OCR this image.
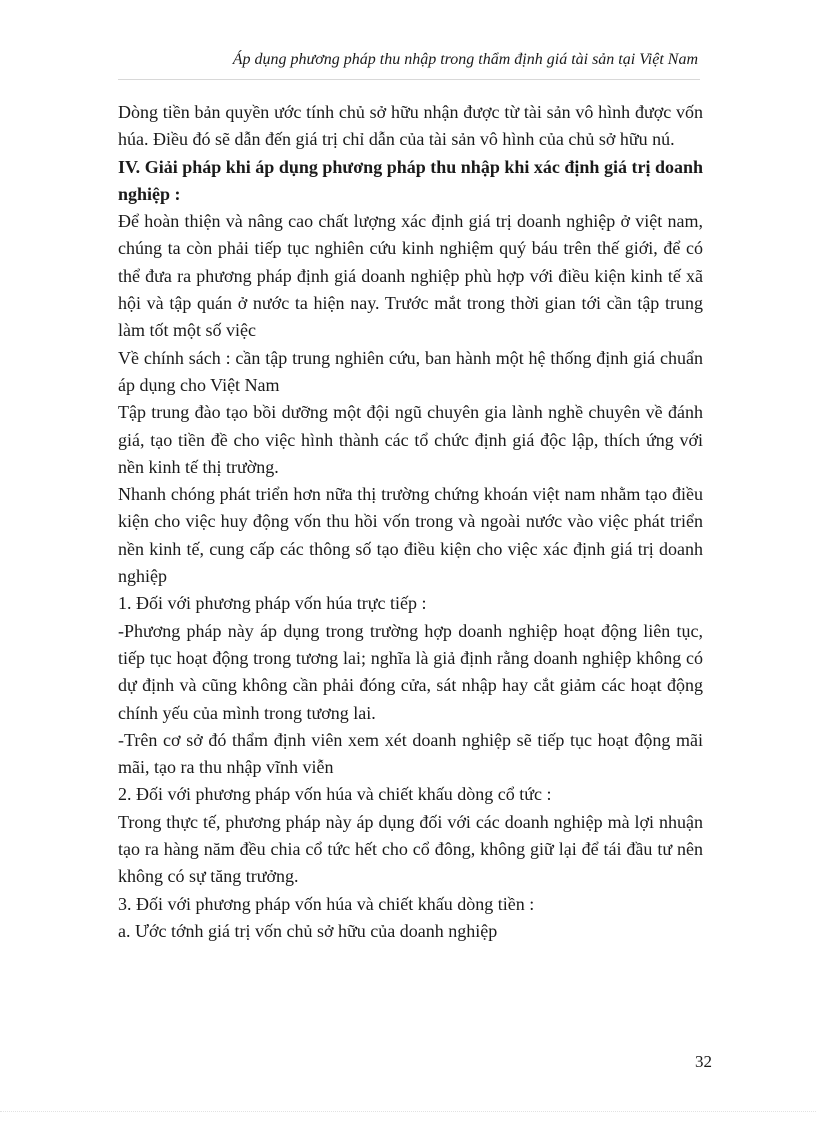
Áp dụng phương pháp thu nhập trong thẩm định giá tài sản tại Việt Nam

Dòng tiền bản quyền ước tính chủ sở hữu nhận được từ tài sản vô hình được vốn húa. Điều đó sẽ dẫn đến giá trị chỉ dẫn của tài sản vô hình của chủ sở hữu nú.

IV. Giải pháp khi áp dụng phương pháp thu nhập khi xác định giá trị doanh nghiệp :

Để hoàn thiện và nâng cao chất lượng xác định giá trị doanh nghiệp ở việt nam, chúng ta còn phải tiếp tục nghiên cứu kinh nghiệm quý báu trên thế giới, để có thể đưa ra phương pháp định giá doanh nghiệp phù hợp với điều kiện kinh tế xã hội và tập quán ở nước ta hiện nay. Trước mắt trong thời gian tới cần tập trung làm tốt một số việc

Về chính sách : cần tập trung nghiên cứu, ban hành một hệ thống định giá chuẩn áp dụng cho Việt Nam

Tập trung đào tạo bồi dưỡng một đội ngũ chuyên gia lành nghề chuyên về đánh giá, tạo tiền đề cho việc hình thành các tổ chức định giá độc lập, thích ứng với nền kinh tế thị trường.

Nhanh chóng phát triển hơn nữa thị trường chứng khoán việt nam nhằm tạo điều kiện cho việc huy động vốn thu hồi vốn trong và ngoài nước vào việc phát triển nền kinh tế, cung cấp các thông số tạo điều kiện cho việc xác định giá trị doanh nghiệp

1. Đối với phương pháp vốn húa trực tiếp :

-Phương pháp này áp dụng trong trường hợp doanh nghiệp hoạt động liên tục, tiếp tục hoạt động trong tương lai; nghĩa là giả định rằng doanh nghiệp không có dự định và cũng không cần phải đóng cửa, sát nhập hay cắt giảm các hoạt động chính yếu của mình trong tương lai.

-Trên cơ sở đó thẩm định viên xem xét doanh nghiệp sẽ tiếp tục hoạt động mãi mãi, tạo ra thu nhập vĩnh viễn

2. Đối với phương pháp vốn húa và chiết khấu dòng cổ tức :

Trong thực tế, phương pháp này áp dụng đối với các doanh nghiệp mà lợi nhuận tạo ra hàng năm đều chia cổ tức hết cho cổ đông, không giữ lại để tái đầu tư nên không có sự tăng trưởng.

3. Đối với phương pháp vốn húa và chiết khấu dòng tiền :

a. Ước tớnh giá trị vốn chủ sở hữu của doanh nghiệp

32
